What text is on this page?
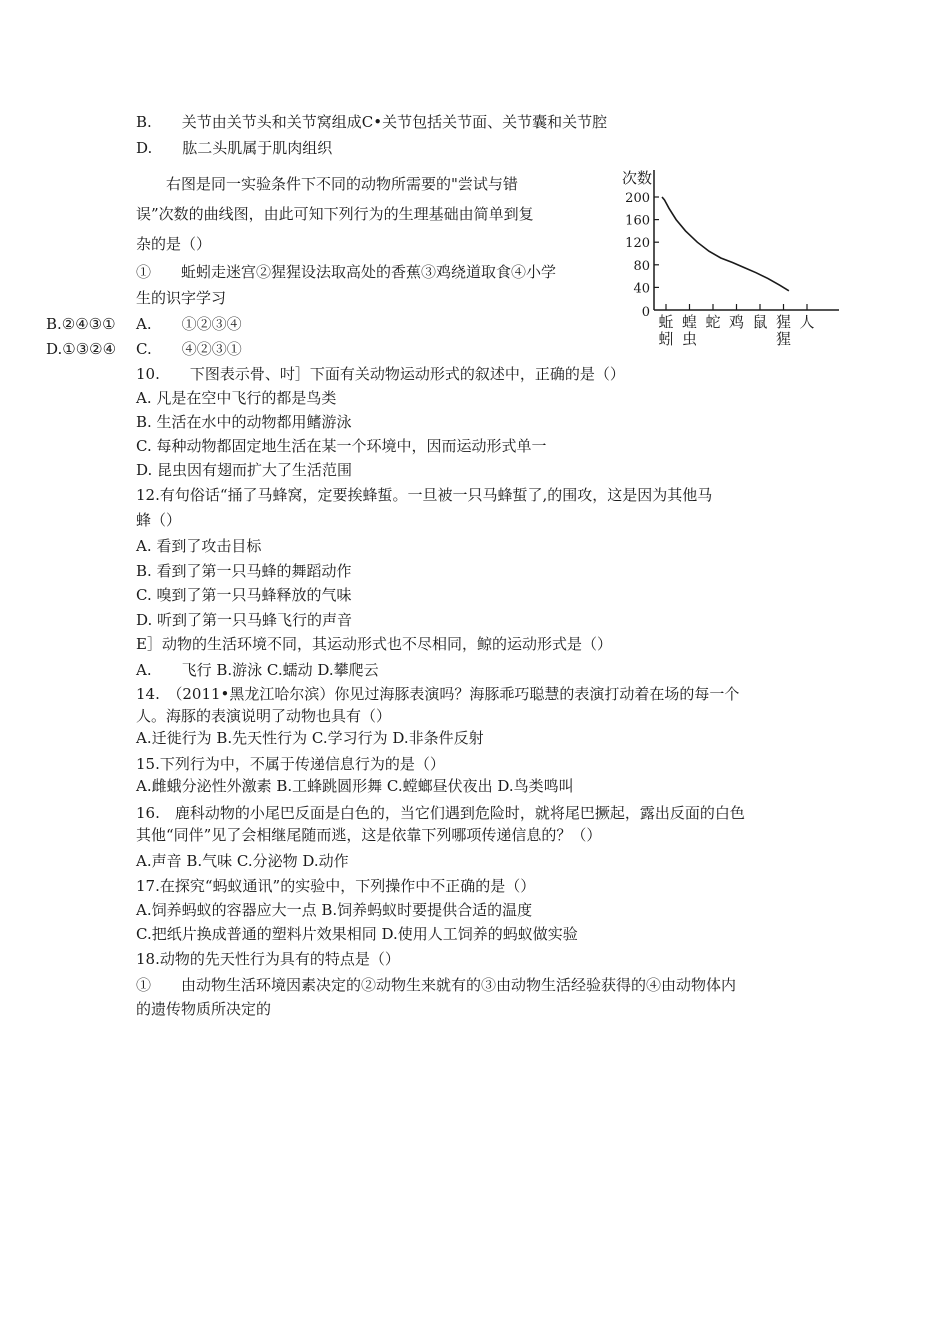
B.　　关节由关节头和关节窝组成C•关节包括关节面、关节囊和关节腔
D.　　肱二头肌属于肌肉组织
　　右图是同一实验条件下不同的动物所需要的"尝试与错
误”次数的曲线图，由此可知下列行为的生理基础由简单到复
杂的是（）
①　　蚯蚓走迷宫②猩猩设法取高处的香蕉③鸡绕道取食④小学
生的识字学习
B.②④③① A.　　①②③④
D.①③②④ C.　　④②③①
10.　　下图表示骨、吋］下面有关动物运动形式的叙述中，正确的是（）
A. 凡是在空中飞行的都是鸟类
B. 生活在水中的动物都用鳍游泳
C. 每种动物都固定地生活在某一个环境中，因而运动形式单一
D. 昆虫因有翅而扩大了生活范围
12.有句俗话“捅了马蜂窝，定要挨蜂蜇。一旦被一只马蜂蜇了,的围攻，这是因为其他马
蜂（）
A. 看到了攻击目标
B. 看到了第一只马蜂的舞蹈动作
C. 嗅到了第一只马蜂释放的气味
D. 听到了第一只马蜂飞行的声音
E］动物的生活环境不同，其运动形式也不尽相同，鲸的运动形式是（）
A.　　飞行 B.游泳 C.蠕动 D.攀爬云
14.　（2011•黑龙江哈尔滨）你见过海豚表演吗？海豚乖巧聪慧的表演打动着在场的每一个
人。海豚的表演说明了动物也具有（）
A.迁徙行为 B.先天性行为 C.学习行为 D.非条件反射
15.下列行为中，不属于传递信息行为的是（）
A.雌蛾分泌性外激素 B.工蜂跳圆形舞 C.螳螂昼伏夜出 D.鸟类鸣叫
16.　鹿科动物的小尾巴反面是白色的，当它们遇到危险时，就将尾巴撅起，露出反面的白色
其他“同伴”见了会相继尾随而逃，这是依靠下列哪项传递信息的？（）
A.声音 B.气味 C.分泌物 D.动作
17.在探究“蚂蚁通讯”的实验中，下列操作中不正确的是（）
A.饲养蚂蚁的容器应大一点 B.饲养蚂蚁时要提供合适的温度
C.把纸片换成普通的塑料片效果相同 D.使用人工饲养的蚂蚁做实验
18.动物的先天性行为具有的特点是（）
①　　由动物生活环境因素决定的②动物生来就有的③由动物生活经验获得的④由动物体内
的遗传物质所决定的
200
160
120
80
40
0
蚯
蚓
蝗
虫
蛇 鸡 鼠 猩
猩
人
次数
